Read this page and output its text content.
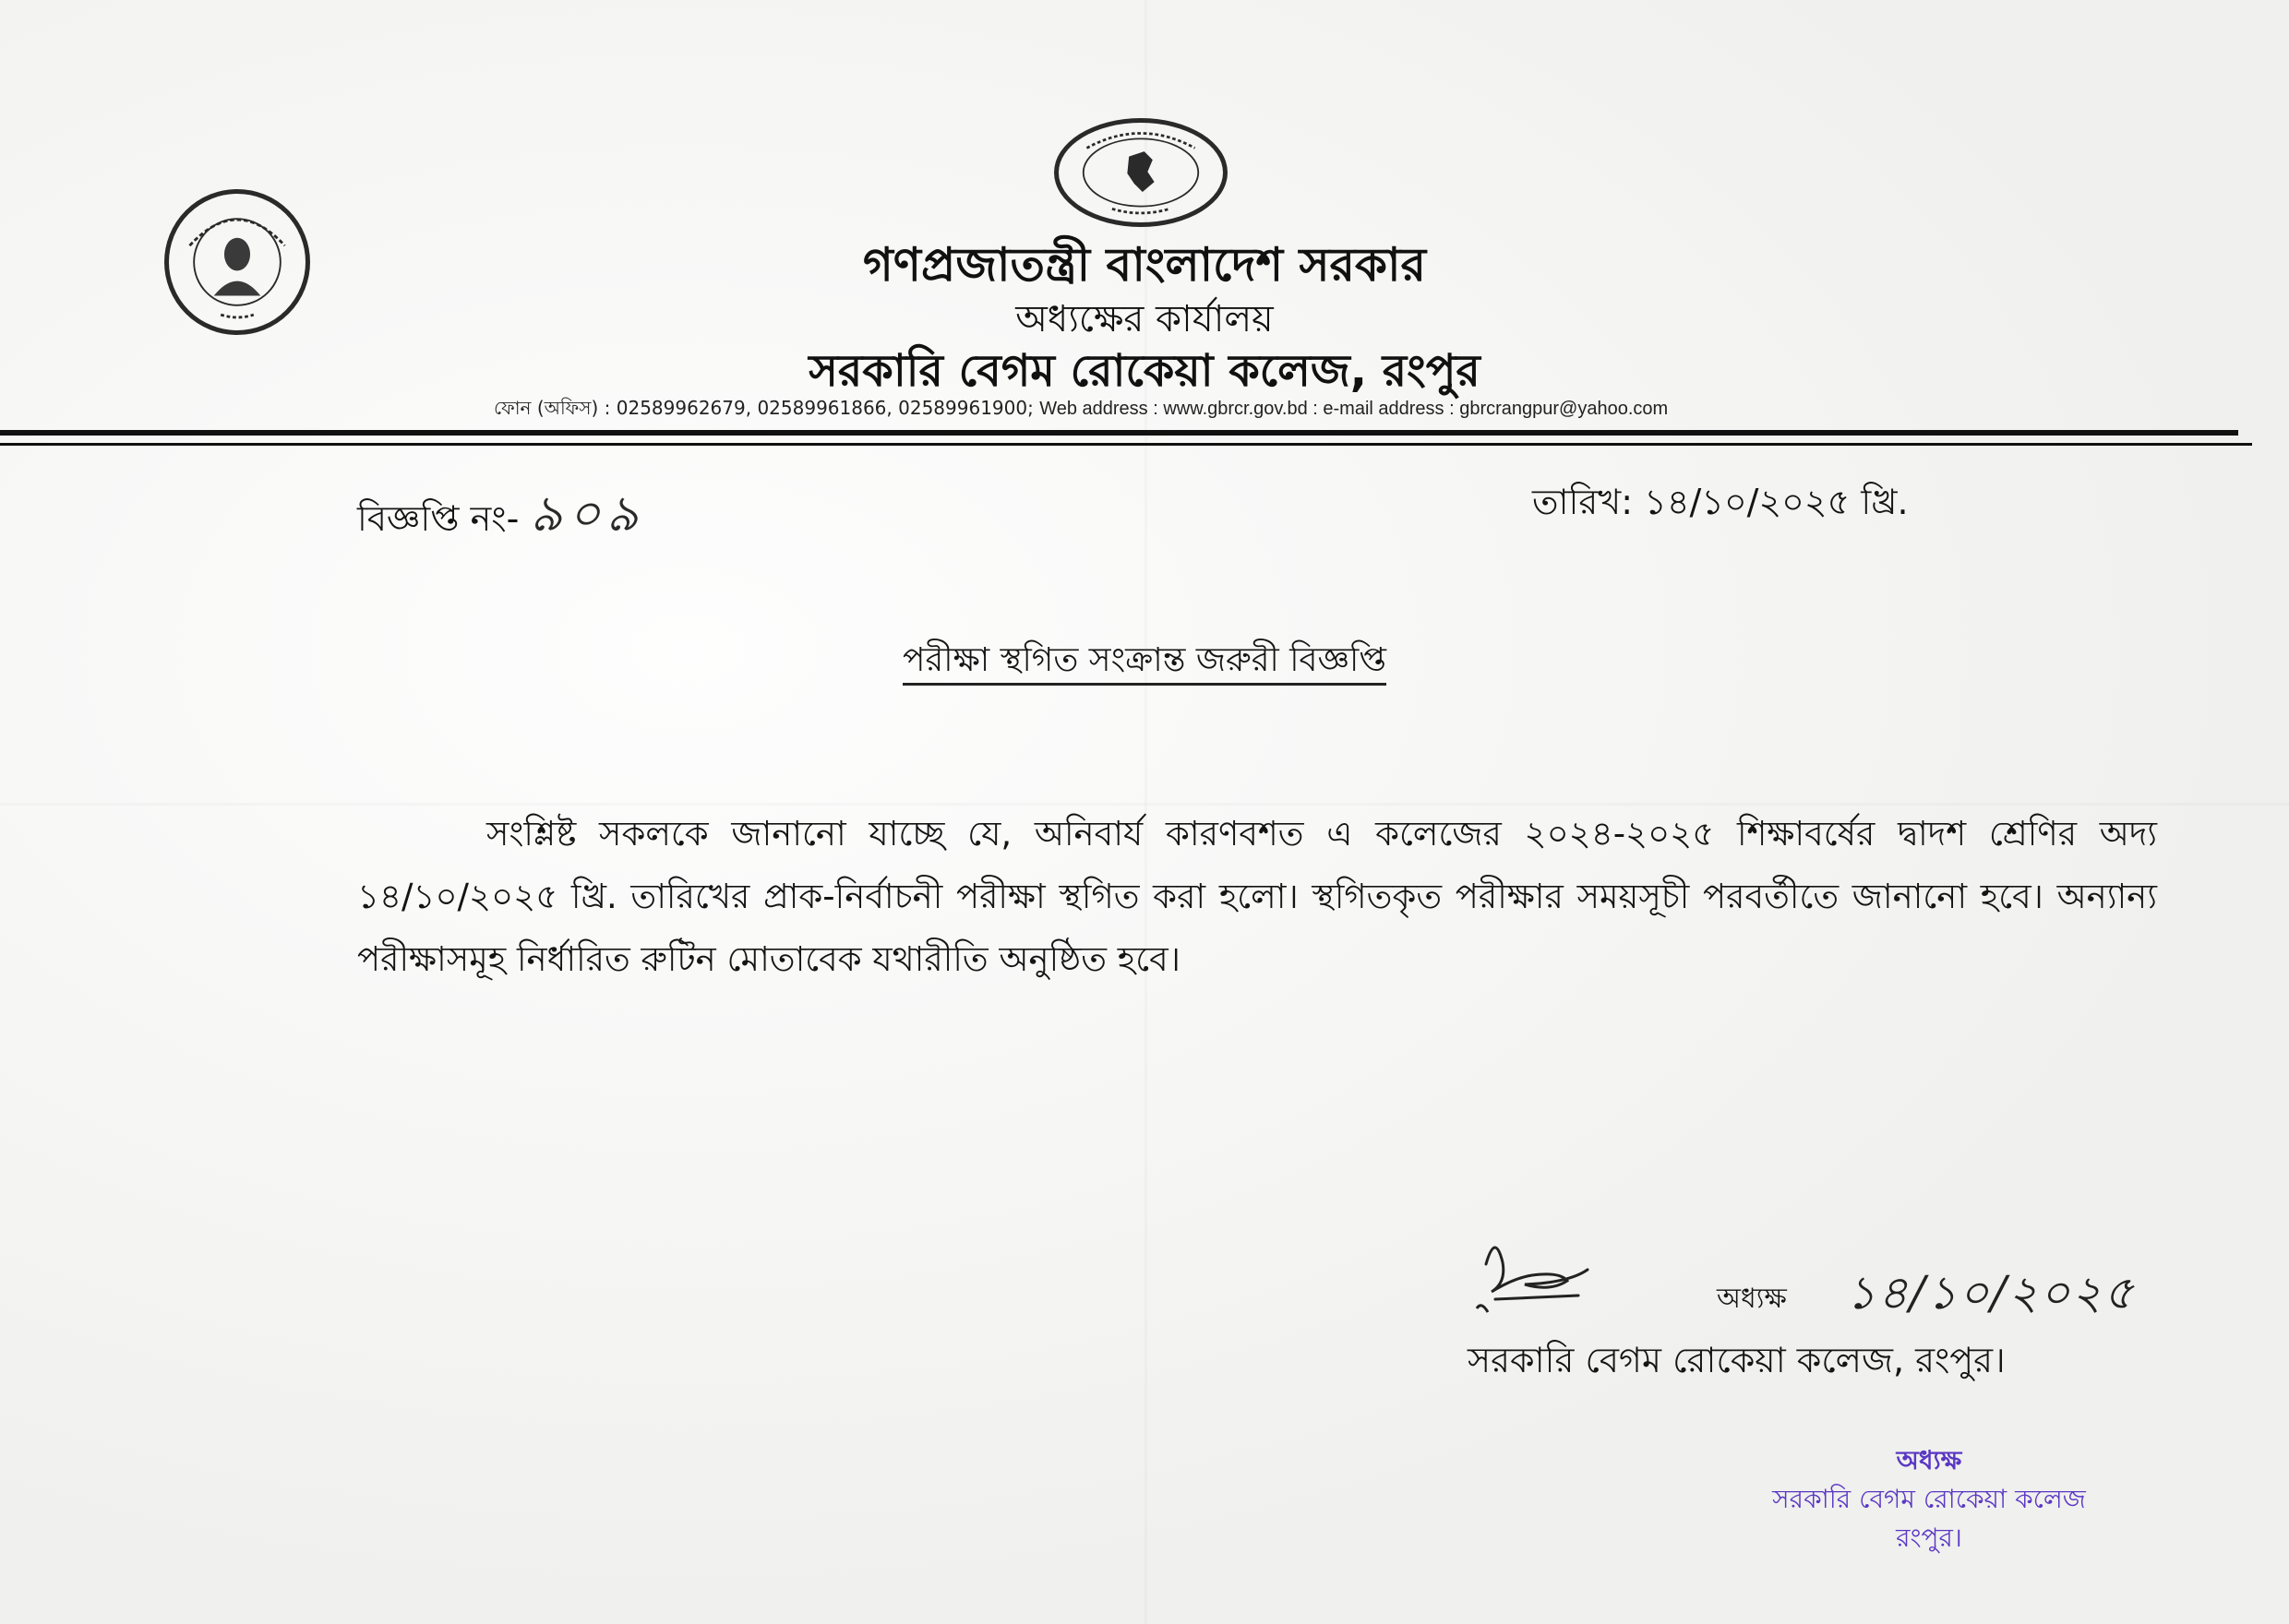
গণপ্রজাতন্ত্রী বাংলাদেশ সরকার
অধ্যক্ষের কার্যালয়
সরকারি বেগম রোকেয়া কলেজ, রংপুর
ফোন (অফিস) : 02589962679, 02589961866, 02589961900; Web address : www.gbrcr.gov.bd : e-mail address : gbrcrangpur@yahoo.com
বিজ্ঞপ্তি নং- ৯০৯	তারিখ: ১৪/১০/২০২৫ খ্রি.
পরীক্ষা স্থগিত সংক্রান্ত জরুরী বিজ্ঞপ্তি
সংশ্লিষ্ট সকলকে জানানো যাচ্ছে যে, অনিবার্য কারণবশত এ কলেজের ২০২৪-২০২৫ শিক্ষাবর্ষের দ্বাদশ শ্রেণির অদ্য ১৪/১০/২০২৫ খ্রি. তারিখের প্রাক-নির্বাচনী পরীক্ষা স্থগিত করা হলো। স্থগিতকৃত পরীক্ষার সময়সূচী পরবর্তীতে জানানো হবে। অন্যান্য পরীক্ষাসমূহ নির্ধারিত রুটিন মোতাবেক যথারীতি অনুষ্ঠিত হবে।
অধ্যক্ষ ১৪/১০/২০২৫
সরকারি বেগম রোকেয়া কলেজ, রংপুর।
অধ্যক্ষ
সরকারি বেগম রোকেয়া কলেজ
রংপুর।
